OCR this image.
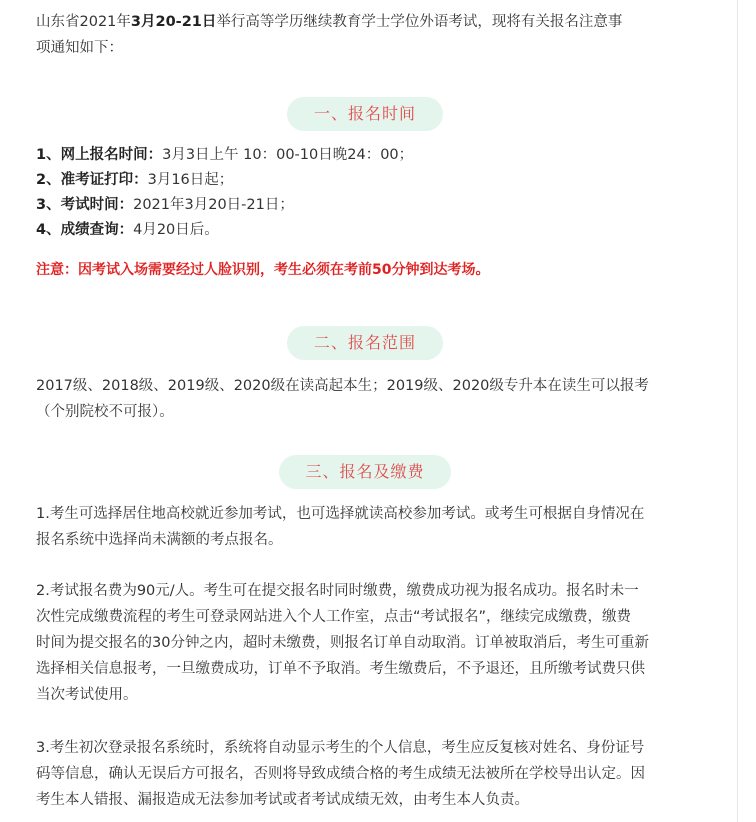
山东省2021年3月20-21日举行高等学历继续教育学士学位外语考试，现将有关报名注意事
项通知如下：

一、报名时间
1、网上报名时间：3月3日上午 10：00-10日晚24：00；
2、准考证打印：3月16日起；
3、考试时间：2021年3月20日-21日；
4、成绩查询：4月20日后。
注意：因考试入场需要经过人脸识别，考生必须在考前50分钟到达考场。
二、报名范围

2017级、2018级、2019级、2020级在读高起本生；2019级、2020级专升本在读生可以报考
（个别院校不可报）。

三、报名及缴费

1.考生可选择居住地高校就近参加考试，也可选择就读高校参加考试。或考生可根据自身情况在
报名系统中选择尚未满额的考点报名。

2.考试报名费为90元/人。考生可在提交报名时同时缴费，缴费成功视为报名成功。报名时未一
次性完成缴费流程的考生可登录网站进入个人工作室，点击“考试报名”，继续完成缴费，缴费
时间为提交报名的30分钟之内，超时未缴费，则报名订单自动取消。订单被取消后，考生可重新
选择相关信息报考，一旦缴费成功，订单不予取消。考生缴费后，不予退还，且所缴考试费只供
当次考试使用。

3.考生初次登录报名系统时，系统将自动显示考生的个人信息，考生应反复核对姓名、身份证号
码等信息，确认无误后方可报名，否则将导致成绩合格的考生成绩无法被所在学校导出认定。因
考生本人错报、漏报造成无法参加考试或者考试成绩无效，由考生本人负责。
